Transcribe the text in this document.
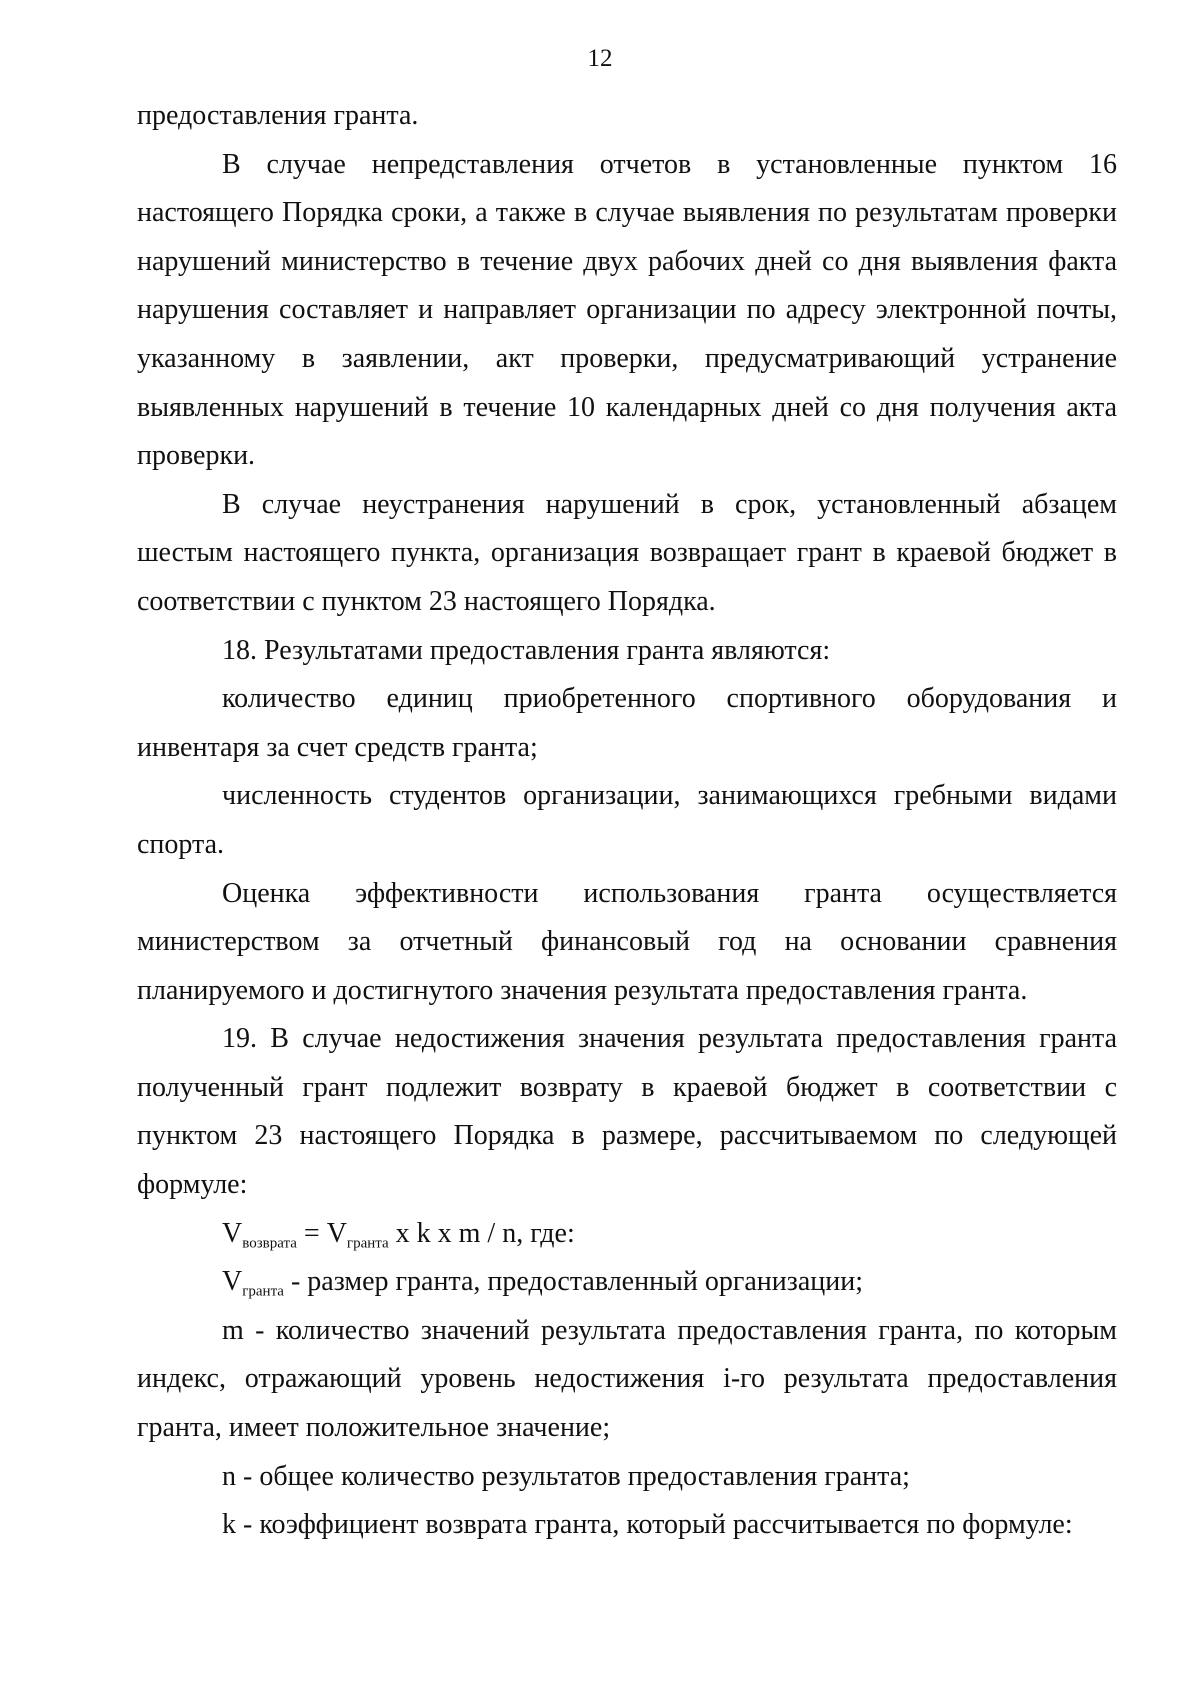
12

предоставления гранта.

В случае непредставления отчетов в установленные пунктом 16 настоящего Порядка сроки, а также в случае выявления по результатам проверки нарушений министерство в течение двух рабочих дней со дня выявления факта нарушения составляет и направляет организации по адресу электронной почты, указанному в заявлении, акт проверки, предусматривающий устранение выявленных нарушений в течение 10 календарных дней со дня получения акта проверки.

В случае неустранения нарушений в срок, установленный абзацем шестым настоящего пункта, организация возвращает грант в краевой бюджет в соответствии с пунктом 23 настоящего Порядка.

18. Результатами предоставления гранта являются:

количество единиц приобретенного спортивного оборудования и инвентаря за счет средств гранта;

численность студентов организации, занимающихся гребными видами спорта.

Оценка эффективности использования гранта осуществляется министерством за отчетный финансовый год на основании сравнения планируемого и достигнутого значения результата предоставления гранта.

19. В случае недостижения значения результата предоставления гранта полученный грант подлежит возврату в краевой бюджет в соответствии с пунктом 23 настоящего Порядка в размере, рассчитываемом по следующей формуле:

$V_{возврата} = V_{гранта}$ x k x m / n, где:

$V_{гранта}$ - размер гранта, предоставленный организации;

m - количество значений результата предоставления гранта, по которым индекс, отражающий уровень недостижения i-го результата предоставления гранта, имеет положительное значение;

n - общее количество результатов предоставления гранта;

k - коэффициент возврата гранта, который рассчитывается по формуле:
